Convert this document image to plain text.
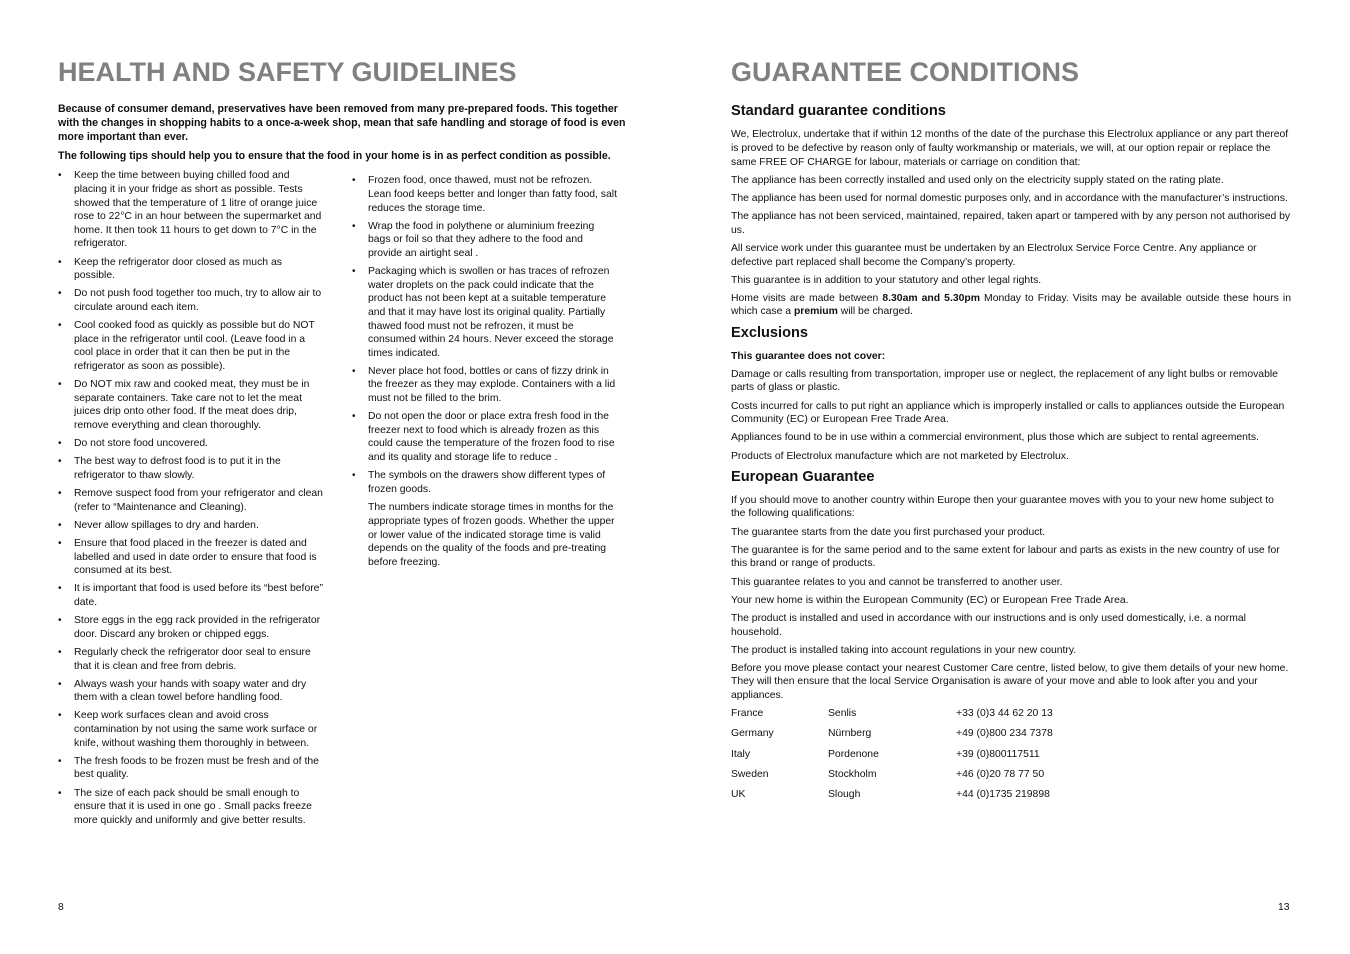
HEALTH AND SAFETY GUIDELINES

Because of consumer demand, preservatives have been removed from many pre-prepared foods. This together with the changes in shopping habits to a once-a-week shop, mean that safe handling and storage of food is even more important than ever.

The following tips should help you to ensure that the food in your home is in as perfect condition as possible.

• Keep the time between buying chilled food and placing it in your fridge as short as possible. Tests showed that the temperature of 1 litre of orange juice rose to 22°C in an hour between the supermarket and home. It then took 11 hours to get down to 7°C in the refrigerator.
• Keep the refrigerator door closed as much as possible.
• Do not push food together too much, try to allow air to circulate around each item.
• Cool cooked food as quickly as possible but do NOT place in the refrigerator until cool. (Leave food in a cool place in order that it can then be put in the refrigerator as soon as possible).
• Do NOT mix raw and cooked meat, they must be in separate containers. Take care not to let the meat juices drip onto other food. If the meat does drip, remove everything and clean thoroughly.
• Do not store food uncovered.
• The best way to defrost food is to put it in the refrigerator to thaw slowly.
• Remove suspect food from your refrigerator and clean (refer to “Maintenance and Cleaning).
• Never allow spillages to dry and harden.
• Ensure that food placed in the freezer is dated and labelled and used in date order to ensure that food is consumed at its best.
• It is important that food is used before its “best before” date.
• Store eggs in the egg rack provided in the refrigerator door. Discard any broken or chipped eggs.
• Regularly check the refrigerator door seal to ensure that it is clean and free from debris.
• Always wash your hands with soapy water and dry them with a clean towel before handling food.
• Keep work surfaces clean and avoid cross contamination by not using the same work surface or knife, without washing them thoroughly in between.
• The fresh foods to be frozen must be fresh and of the best quality.
• The size of each pack should be small enough to ensure that it is used in one go . Small packs freeze more quickly and uniformly and give better results.
• Frozen food, once thawed, must not be refrozen. Lean food keeps better and longer than fatty food, salt reduces the storage time.
• Wrap the food in polythene or aluminium freezing bags or foil so that they adhere to the food and provide an airtight seal .
• Packaging which is swollen or has traces of refrozen water droplets on the pack could indicate that the product has not been kept at a suitable temperature and that it may have lost its original quality. Partially thawed food must not be refrozen, it must be consumed within 24 hours. Never exceed the storage times indicated.
• Never place hot food, bottles or cans of fizzy drink in the freezer as they may explode. Containers with a lid must not be filled to the brim.
• Do not open the door or place extra fresh food in the freezer next to food which is already frozen as this could cause the temperature of the frozen food to rise and its quality and storage life to reduce .
• The symbols on the drawers show different types of frozen goods.

The numbers indicate storage times in months for the appropriate types of frozen goods. Whether the upper or lower value of the indicated storage time is valid depends on the quality of the foods and pre-treating before freezing.

8
GUARANTEE CONDITIONS
Standard guarantee conditions

We, Electrolux, undertake that if within 12 months of the date of the purchase this Electrolux appliance or any part thereof is proved to be defective by reason only of faulty workmanship or materials, we will, at our option repair or replace the same FREE OF CHARGE for labour, materials or carriage on condition that:

The appliance has been correctly installed and used only on the electricity supply stated on the rating plate.

The appliance has been used for normal domestic purposes only, and in accordance with the manufacturer’s instructions.

The appliance has not been serviced, maintained, repaired, taken apart or tampered with by any person not authorised by us.

All service work under this guarantee must be undertaken by an Electrolux Service Force Centre. Any appliance or defective part replaced shall become the Company’s property.

This guarantee is in addition to your statutory and other legal rights.

Home visits are made between 8.30am and 5.30pm Monday to Friday. Visits may be available outside these hours in which case a premium will be charged.

Exclusions

This guarantee does not cover:

Damage or calls resulting from transportation, improper use or neglect, the replacement of any light bulbs or removable parts of glass or plastic.

Costs incurred for calls to put right an appliance which is improperly installed or calls to appliances outside the European Community (EC) or European Free Trade Area.

Appliances found to be in use within a commercial environment, plus those which are subject to rental agreements.

Products of Electrolux manufacture which are not marketed by Electrolux.

European Guarantee

If you should move to another country within Europe then your guarantee moves with you to your new home subject to the following qualifications:

The guarantee starts from the date you first purchased your product.

The guarantee is for the same period and to the same extent for labour and parts as exists in the new country of use for this brand or range of products.

This guarantee relates to you and cannot be transferred to another user.

Your new home is within the European Community (EC) or European Free Trade Area.

The product is installed and used in accordance with our instructions and is only used domestically, i.e. a normal household.

The product is installed taking into account regulations in your new country.

Before you move please contact your nearest Customer Care centre, listed below, to give them details of your new home. They will then ensure that the local Service Organisation is aware of your move and able to look after you and your appliances.

France	Senlis	+33 (0)3 44 62 20 13
Germany	Nürnberg	+49 (0)800 234 7378
Italy	Pordenone	+39 (0)800117511
Sweden	Stockholm	+46 (0)20 78 77 50
UK	Slough	+44 (0)1735 219898
13
